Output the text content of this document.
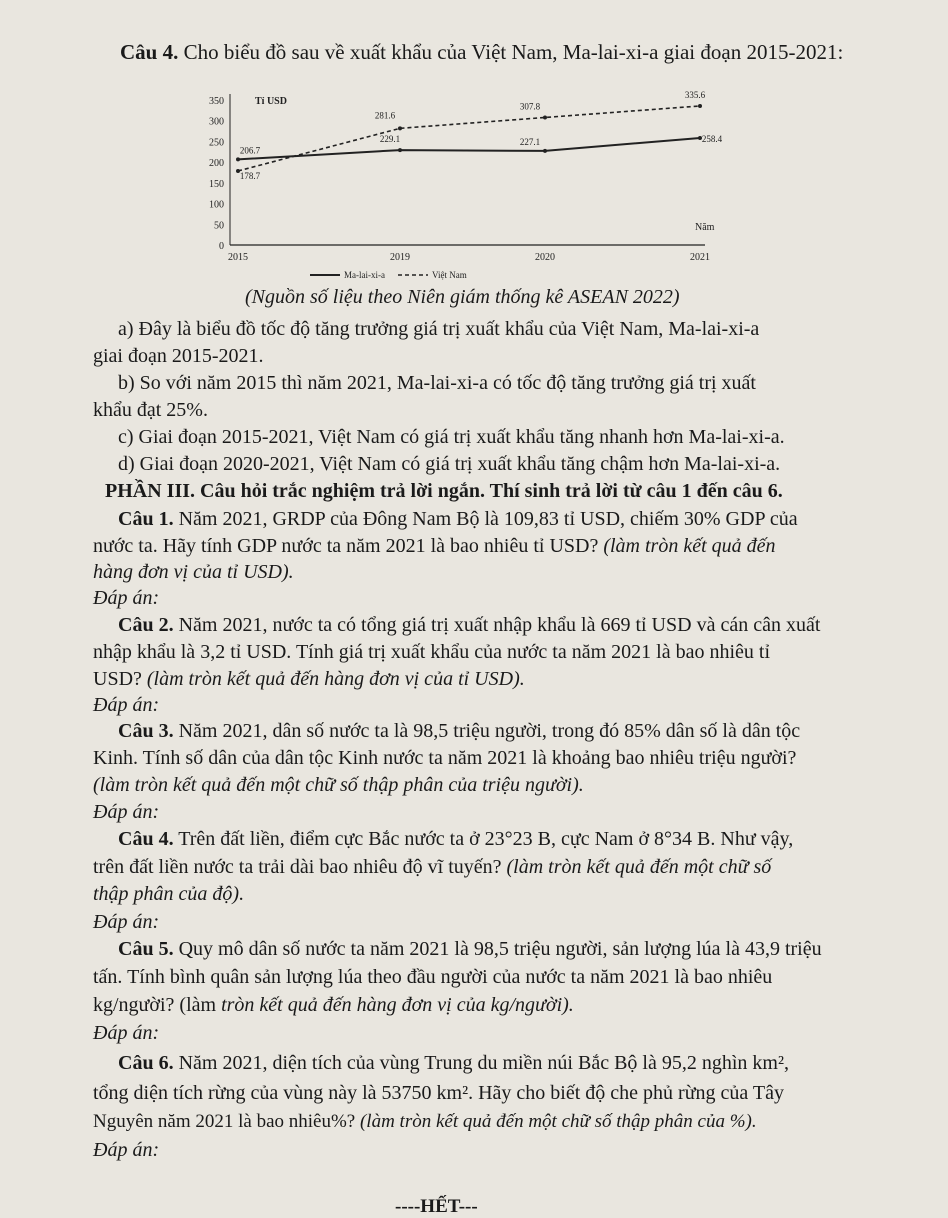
Câu 4. Cho biểu đồ sau về xuất khẩu của Việt Nam, Ma-lai-xi-a giai đoạn 2015-2021:
0
50
100
150
200
250
300
350	Tỉ USD
2015	2019	2020	2021
Năm
206.7
229.1	227.1	258.4
178.7
281.6
307.8
335.6
Ma-lai-xi-a	Việt Nam
(Nguồn số liệu theo Niên giám thống kê ASEAN 2022)
a) Đây là biểu đồ tốc độ tăng trưởng giá trị xuất khẩu của Việt Nam, Ma-lai-xi-a
giai đoạn 2015-2021.
b) So với năm 2015 thì năm 2021, Ma-lai-xi-a có tốc độ tăng trưởng giá trị xuất
khẩu đạt 25%.
c) Giai đoạn 2015-2021, Việt Nam có giá trị xuất khẩu tăng nhanh hơn Ma-lai-xi-a.
d) Giai đoạn 2020-2021, Việt Nam có giá trị xuất khẩu tăng chậm hơn Ma-lai-xi-a.
PHẦN III. Câu hỏi trắc nghiệm trả lời ngắn. Thí sinh trả lời từ câu 1 đến câu 6.
Câu 1. Năm 2021, GRDP của Đông Nam Bộ là 109,83 tỉ USD, chiếm 30% GDP của
nước ta. Hãy tính GDP nước ta năm 2021 là bao nhiêu tỉ USD? (làm tròn kết quả đến
hàng đơn vị của tỉ USD).
Đáp án:
Câu 2. Năm 2021, nước ta có tổng giá trị xuất nhập khẩu là 669 tỉ USD và cán cân xuất
nhập khẩu là 3,2 tỉ USD. Tính giá trị xuất khẩu của nước ta năm 2021 là bao nhiêu tỉ
USD? (làm tròn kết quả đến hàng đơn vị của tỉ USD).
Đáp án:
Câu 3. Năm 2021, dân số nước ta là 98,5 triệu người, trong đó 85% dân số là dân tộc
Kinh. Tính số dân của dân tộc Kinh nước ta năm 2021 là khoảng bao nhiêu triệu người?
(làm tròn kết quả đến một chữ số thập phân của triệu người).
Đáp án:
Câu 4. Trên đất liền, điểm cực Bắc nước ta ở 23°23 B, cực Nam ở 8°34 B. Như vậy,
trên đất liền nước ta trải dài bao nhiêu độ vĩ tuyến? (làm tròn kết quả đến một chữ số
thập phân của độ).
Đáp án:
Câu 5. Quy mô dân số nước ta năm 2021 là 98,5 triệu người, sản lượng lúa là 43,9 triệu
tấn. Tính bình quân sản lượng lúa theo đầu người của nước ta năm 2021 là bao nhiêu
kg/người? (làm tròn kết quả đến hàng đơn vị của kg/người).
Đáp án:
Câu 6. Năm 2021, diện tích của vùng Trung du miền núi Bắc Bộ là 95,2 nghìn km²,
tổng diện tích rừng của vùng này là 53750 km². Hãy cho biết độ che phủ rừng của Tây
Nguyên năm 2021 là bao nhiêu%? (làm tròn kết quả đến một chữ số thập phân của %).
Đáp án:
----HẾT---
